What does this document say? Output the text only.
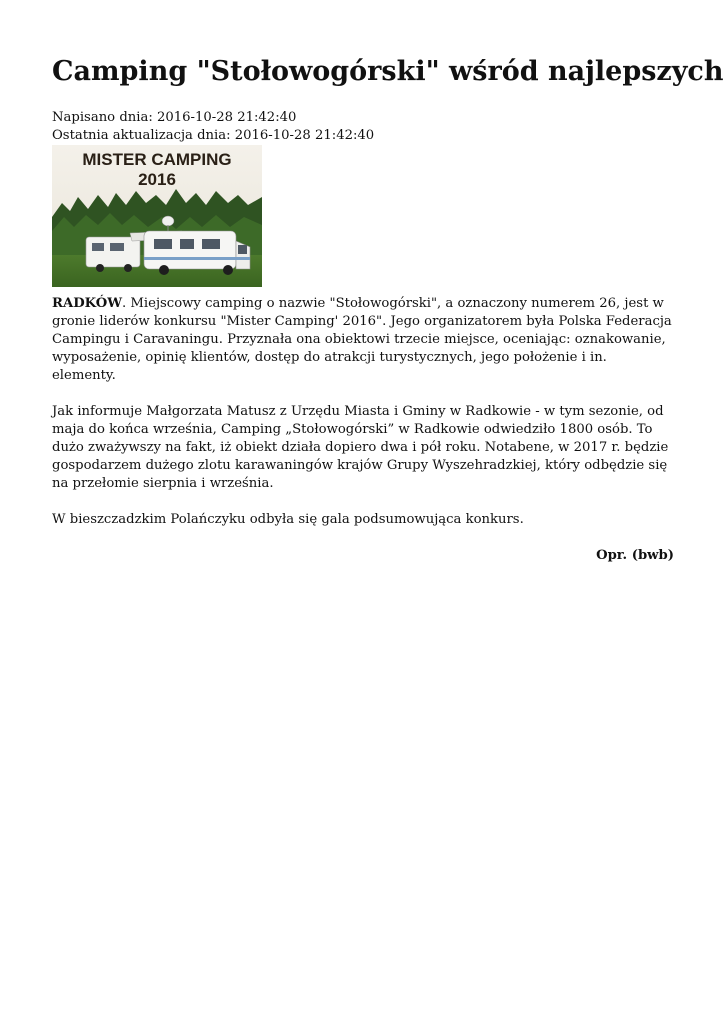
Camping "Stołowogórski" wśród najlepszych
Napisano dnia: 2016-10-28 21:42:40
Ostatnia aktualizacja dnia: 2016-10-28 21:42:40
MISTER CAMPING
2016

RADKÓW. Miejscowy camping o nazwie "Stołowogórski", a oznaczony numerem 26, jest w gronie liderów konkursu "Mister Camping' 2016". Jego organizatorem była Polska Federacja Campingu i Caravaningu. Przyznała ona obiektowi trzecie miejsce, oceniając: oznakowanie, wyposażenie, opinię klientów, dostęp do atrakcji turystycznych, jego położenie i in. elementy.

Jak informuje Małgorzata Matusz z Urzędu Miasta i Gminy w Radkowie - w tym sezonie, od maja do końca września, Camping „Stołowogórski” w Radkowie odwiedziło 1800 osób. To dużo zważywszy na fakt, iż obiekt działa dopiero dwa i pół roku. Notabene, w 2017 r. będzie gospodarzem dużego zlotu karawaningów krajów Grupy Wyszehradzkiej, który odbędzie się na przełomie sierpnia i września.

W bieszczadzkim Polańczyku odbyła się gala podsumowująca konkurs.

Opr. (bwb)
